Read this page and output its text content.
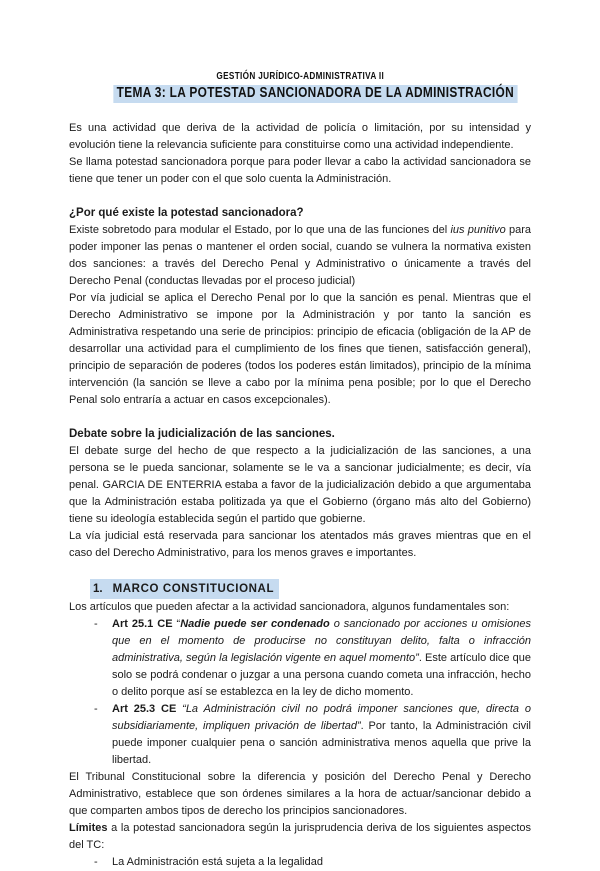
GESTIÓN JURÍDICO-ADMINISTRATIVA II
TEMA 3: LA POTESTAD SANCIONADORA DE LA ADMINISTRACIÓN

Es una actividad que deriva de la actividad de policía o limitación, por su intensidad y evolución tiene la relevancia suficiente para constituirse como una actividad independiente.

Se llama potestad sancionadora porque para poder llevar a cabo la actividad sancionadora se tiene que tener un poder con el que solo cuenta la Administración.

¿Por qué existe la potestad sancionadora?

Existe sobretodo para modular el Estado, por lo que una de las funciones del ius punitivo para poder imponer las penas o mantener el orden social, cuando se vulnera la normativa existen dos sanciones: a través del Derecho Penal y Administrativo o únicamente a través del Derecho Penal (conductas llevadas por el proceso judicial)

Por vía judicial se aplica el Derecho Penal por lo que la sanción es penal. Mientras que el Derecho Administrativo se impone por la Administración y por tanto la sanción es Administrativa respetando una serie de principios: principio de eficacia (obligación de la AP de desarrollar una actividad para el cumplimiento de los fines que tienen, satisfacción general), principio de separación de poderes (todos los poderes están limitados), principio de la mínima intervención (la sanción se lleve a cabo por la mínima pena posible; por lo que el Derecho Penal solo entraría a actuar en casos excepcionales).

Debate sobre la judicialización de las sanciones.

El debate surge del hecho de que respecto a la judicialización de las sanciones, a una persona se le pueda sancionar, solamente se le va a sancionar judicialmente; es decir, vía penal. GARCIA DE ENTERRIA estaba a favor de la judicialización debido a que argumentaba que la Administración estaba politizada ya que el Gobierno (órgano más alto del Gobierno) tiene su ideología establecida según el partido que gobierne.

La vía judicial está reservada para sancionar los atentados más graves mientras que en el caso del Derecho Administrativo, para los menos graves e importantes.

1. MARCO CONSTITUCIONAL

Los artículos que pueden afectar a la actividad sancionadora, algunos fundamentales son:

-	Art 25.1 CE “Nadie puede ser condenado o sancionado por acciones u omisiones que en el momento de producirse no constituyan delito, falta o infracción administrativa, según la legislación vigente en aquel momento”. Este artículo dice que solo se podrá condenar o juzgar a una persona cuando cometa una infracción, hecho o delito porque así se establezca en la ley de dicho momento.
-	Art 25.3 CE “La Administración civil no podrá imponer sanciones que, directa o subsidiariamente, impliquen privación de libertad”. Por tanto, la Administración civil puede imponer cualquier pena o sanción administrativa menos aquella que prive la libertad.

El Tribunal Constitucional sobre la diferencia y posición del Derecho Penal y Derecho Administrativo, establece que son órdenes similares a la hora de actuar/sancionar debido a que comparten ambos tipos de derecho los principios sancionadores.

Límites a la potestad sancionadora según la jurisprudencia deriva de los siguientes aspectos del TC:

-	La Administración está sujeta a la legalidad
